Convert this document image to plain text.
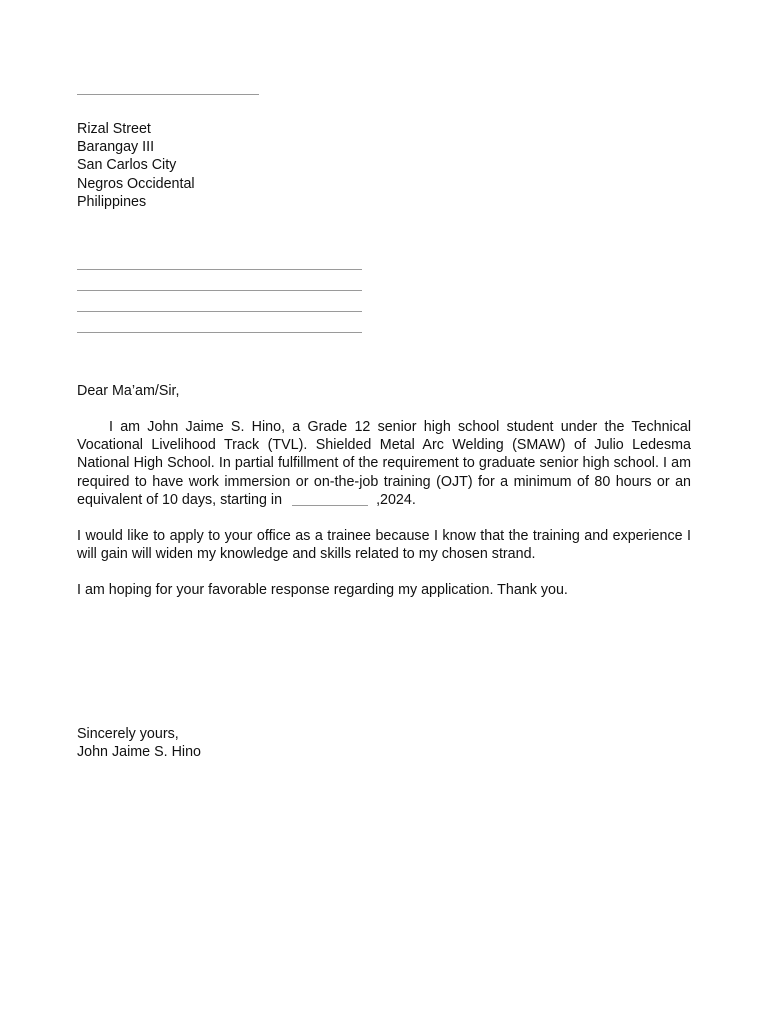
Rizal Street
Barangay III
San Carlos City
Negros Occidental
Philippines
Dear Ma’am/Sir,
I am John Jaime S. Hino, a Grade 12 senior high school student under the Technical Vocational Livelihood Track (TVL). Shielded Metal Arc Welding (SMAW) of Julio Ledesma National High School. In partial fulfillment of the requirement to graduate senior high school. I am required to have work immersion or on-the-job training (OJT) for a minimum of 80 hours or an equivalent of 10 days, starting in	,2024.
I would like to apply to your office as a trainee because I know that the training and experience I will gain will widen my knowledge and skills related to my chosen strand.
I am hoping for your favorable response regarding my application. Thank you.
Sincerely yours,
John Jaime S. Hino
